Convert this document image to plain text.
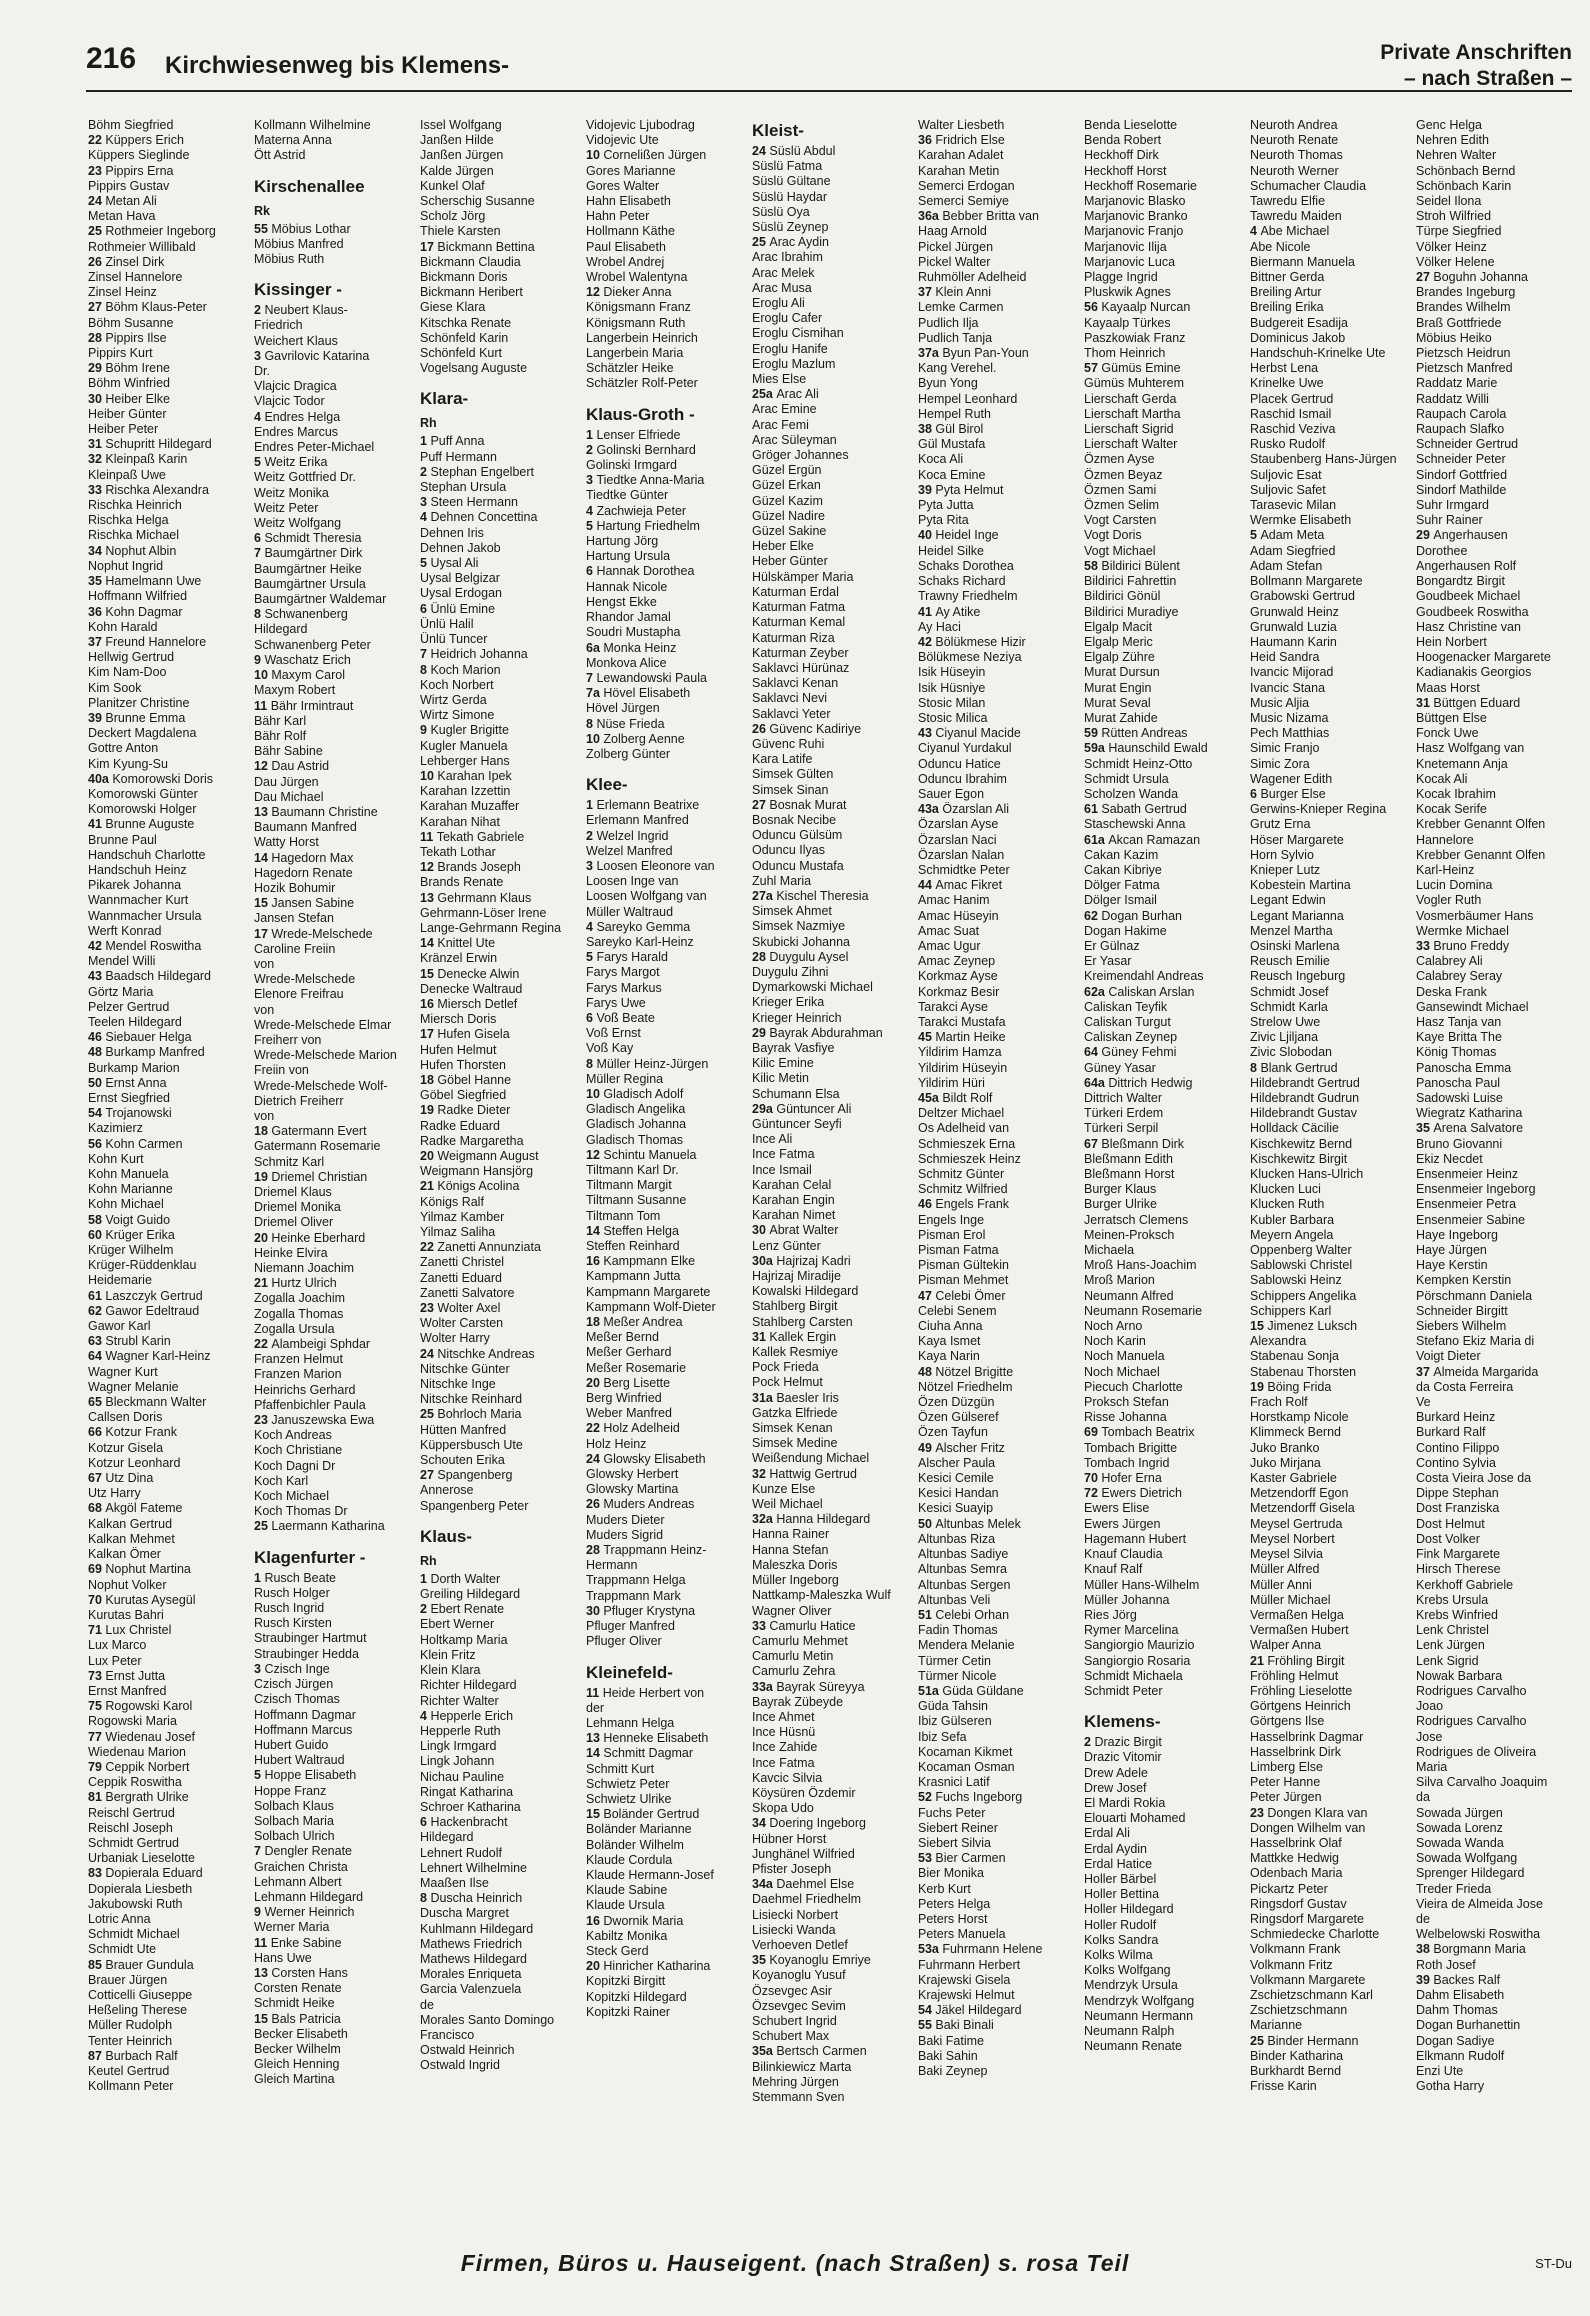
216 Kirchwiesenweg bis Klemens-	Private Anschriften
– nach Straßen –
Böhm Siegfried
22 Küppers Erich
Küppers Sieglinde
23 Pippirs Erna
Pippirs Gustav
24 Metan Ali
Metan Hava
25 Rothmeier Ingeborg
Rothmeier Willibald
26 Zinsel Dirk
Zinsel Hannelore
Zinsel Heinz
27 Böhm Klaus-Peter
Böhm Susanne
28 Pippirs Ilse
Pippirs Kurt
29 Böhm Irene
Böhm Winfried
30 Heiber Elke
Heiber Günter
Heiber Peter
31 Schupritt Hildegard
32 Kleinpaß Karin
Kleinpaß Uwe
33 Rischka Alexandra
Rischka Heinrich
Rischka Helga
Rischka Michael
34 Nophut Albin
Nophut Ingrid
35 Hamelmann Uwe
Hoffmann Wilfried
36 Kohn Dagmar
Kohn Harald
37 Freund Hannelore
Hellwig Gertrud
Kim Nam-Doo
Kim Sook
Planitzer Christine
39 Brunne Emma
Deckert Magdalena
Gottre Anton
Kim Kyung-Su
40a Komorowski Doris
Komorowski Günter
Komorowski Holger
41 Brunne Auguste
Brunne Paul
Handschuh Charlotte
Handschuh Heinz
Pikarek Johanna
Wannmacher Kurt
Wannmacher Ursula
Werft Konrad
42 Mendel Roswitha
Mendel Willi
43 Baadsch Hildegard
Görtz Maria
Pelzer Gertrud
Teelen Hildegard
46 Siebauer Helga
48 Burkamp Manfred
Burkamp Marion
50 Ernst Anna
Ernst Siegfried
54 Trojanowski
Kazimierz
56 Kohn Carmen
Kohn Kurt
Kohn Manuela
Kohn Marianne
Kohn Michael
58 Voigt Guido
60 Krüger Erika
Krüger Wilhelm
Krüger-Rüddenklau
Heidemarie
61 Laszczyk Gertrud
62 Gawor Edeltraud
Gawor Karl
63 Strubl Karin
64 Wagner Karl-Heinz
Wagner Kurt
Wagner Melanie
65 Bleckmann Walter
Callsen Doris
66 Kotzur Frank
Kotzur Gisela
Kotzur Leonhard
67 Utz Dina
Utz Harry
68 Akgöl Fateme
Kalkan Gertrud
Kalkan Mehmet
Kalkan Ömer
69 Nophut Martina
Nophut Volker
70 Kurutas Aysegül
Kurutas Bahri
71 Lux Christel
Lux Marco
Lux Peter
73 Ernst Jutta
Ernst Manfred
75 Rogowski Karol
Rogowski Maria
77 Wiedenau Josef
Wiedenau Marion
79 Ceppik Norbert
Ceppik Roswitha
81 Bergrath Ulrike
Reischl Gertrud
Reischl Joseph
Schmidt Gertrud
Urbaniak Lieselotte
83 Dopierala Eduard
Dopierala Liesbeth
Jakubowski Ruth
Lotric Anna
Schmidt Michael
Schmidt Ute
85 Brauer Gundula
Brauer Jürgen
Cotticelli Giuseppe
Heßeling Therese
Müller Rudolph
Tenter Heinrich
87 Burbach Ralf
Keutel Gertrud
Kollmann Peter
Kollmann Wilhelmine
Materna Anna
Ött Astrid
Kirschenallee
Rk
55 Möbius Lothar
Möbius Manfred
Möbius Ruth
Kissinger -
2 Neubert Klaus-
Friedrich
Weichert Klaus
3 Gavrilovic Katarina
Dr.
Vlajcic Dragica
Vlajcic Todor
4 Endres Helga
Endres Marcus
Endres Peter-Michael
5 Weitz Erika
Weitz Gottfried Dr.
Weitz Monika
Weitz Peter
Weitz Wolfgang
6 Schmidt Theresia
7 Baumgärtner Dirk
Baumgärtner Heike
Baumgärtner Ursula
Baumgärtner Waldemar
8 Schwanenberg
Hildegard
Schwanenberg Peter
9 Waschatz Erich
10 Maxym Carol
Maxym Robert
11 Bähr Irmintraut
Bähr Karl
Bähr Rolf
Bähr Sabine
12 Dau Astrid
Dau Jürgen
Dau Michael
13 Baumann Christine
Baumann Manfred
Watty Horst
14 Hagedorn Max
Hagedorn Renate
Hozik Bohumir
15 Jansen Sabine
Jansen Stefan
17 Wrede-Melschede
Caroline Freiin
von
Wrede-Melschede
Elenore Freifrau
von
Wrede-Melschede Elmar
Freiherr von
Wrede-Melschede Marion
Freiin von
Wrede-Melschede Wolf-
Dietrich Freiherr
von
18 Gatermann Evert
Gatermann Rosemarie
Schmitz Karl
19 Driemel Christian
Driemel Klaus
Driemel Monika
Driemel Oliver
20 Heinke Eberhard
Heinke Elvira
Niemann Joachim
21 Hurtz Ulrich
Zogalla Joachim
Zogalla Thomas
Zogalla Ursula
22 Alambeigi Sphdar
Franzen Helmut
Franzen Marion
Heinrichs Gerhard
Pfaffenbichler Paula
23 Januszewska Ewa
Koch Andreas
Koch Christiane
Koch Dagni Dr
Koch Karl
Koch Michael
Koch Thomas Dr
25 Laermann Katharina
Klagenfurter -
1 Rusch Beate
Rusch Holger
Rusch Ingrid
Rusch Kirsten
Straubinger Hartmut
Straubinger Hedda
3 Czisch Inge
Czisch Jürgen
Czisch Thomas
Hoffmann Dagmar
Hoffmann Marcus
Hubert Guido
Hubert Waltraud
5 Hoppe Elisabeth
Hoppe Franz
Solbach Klaus
Solbach Maria
Solbach Ulrich
7 Dengler Renate
Graichen Christa
Lehmann Albert
Lehmann Hildegard
9 Werner Heinrich
Werner Maria
11 Enke Sabine
Hans Uwe
13 Corsten Hans
Corsten Renate
Schmidt Heike
15 Bals Patricia
Becker Elisabeth
Becker Wilhelm
Gleich Henning
Gleich Martina
Issel Wolfgang
Janßen Hilde
Janßen Jürgen
Kalde Jürgen
Kunkel Olaf
Scherschig Susanne
Scholz Jörg
Thiele Karsten
17 Bickmann Bettina
Bickmann Claudia
Bickmann Doris
Bickmann Heribert
Giese Klara
Kitschka Renate
Schönfeld Karin
Schönfeld Kurt
Vogelsang Auguste
Klara-
Rh
1 Puff Anna
Puff Hermann
2 Stephan Engelbert
Stephan Ursula
3 Steen Hermann
4 Dehnen Concettina
Dehnen Iris
Dehnen Jakob
5 Uysal Ali
Uysal Belgizar
Uysal Erdogan
6 Ünlü Emine
Ünlü Halil
Ünlü Tuncer
7 Heidrich Johanna
8 Koch Marion
Koch Norbert
Wirtz Gerda
Wirtz Simone
9 Kugler Brigitte
Kugler Manuela
Lehberger Hans
10 Karahan Ipek
Karahan Izzettin
Karahan Muzaffer
Karahan Nihat
11 Tekath Gabriele
Tekath Lothar
12 Brands Joseph
Brands Renate
13 Gehrmann Klaus
Gehrmann-Löser Irene
Lange-Gehrmann Regina
14 Knittel Ute
Kränzel Erwin
15 Denecke Alwin
Denecke Waltraud
16 Miersch Detlef
Miersch Doris
17 Hufen Gisela
Hufen Helmut
Hufen Thorsten
18 Göbel Hanne
Göbel Siegfried
19 Radke Dieter
Radke Eduard
Radke Margaretha
20 Weigmann August
Weigmann Hansjörg
21 Königs Acolina
Königs Ralf
Yilmaz Kamber
Yilmaz Saliha
22 Zanetti Annunziata
Zanetti Christel
Zanetti Eduard
Zanetti Salvatore
23 Wolter Axel
Wolter Carsten
Wolter Harry
24 Nitschke Andreas
Nitschke Günter
Nitschke Inge
Nitschke Reinhard
25 Bohrloch Maria
Hütten Manfred
Küppersbusch Ute
Schouten Erika
27 Spangenberg
Annerose
Spangenberg Peter
Klaus-
Rh
1 Dorth Walter
Greiling Hildegard
2 Ebert Renate
Ebert Werner
Holtkamp Maria
Klein Fritz
Klein Klara
Richter Hildegard
Richter Walter
4 Hepperle Erich
Hepperle Ruth
Lingk Irmgard
Lingk Johann
Nichau Pauline
Ringat Katharina
Schroer Katharina
6 Hackenbracht
Hildegard
Lehnert Rudolf
Lehnert Wilhelmine
Maaßen Ilse
8 Duscha Heinrich
Duscha Margret
Kuhlmann Hildegard
Mathews Friedrich
Mathews Hildegard
Morales Enriqueta
Garcia Valenzuela
de
Morales Santo Domingo
Francisco
Ostwald Heinrich
Ostwald Ingrid
Vidojevic Ljubodrag
Vidojevic Ute
10 Cornelißen Jürgen
Gores Marianne
Gores Walter
Hahn Elisabeth
Hahn Peter
Hollmann Käthe
Paul Elisabeth
Wrobel Andrej
Wrobel Walentyna
12 Dieker Anna
Königsmann Franz
Königsmann Ruth
Langerbein Heinrich
Langerbein Maria
Schätzler Heike
Schätzler Rolf-Peter
Klaus-Groth -
1 Lenser Elfriede
2 Golinski Bernhard
Golinski Irmgard
3 Tiedtke Anna-Maria
Tiedtke Günter
4 Zachwieja Peter
5 Hartung Friedhelm
Hartung Jörg
Hartung Ursula
6 Hannak Dorothea
Hannak Nicole
Hengst Ekke
Rhandor Jamal
Soudri Mustapha
6a Monka Heinz
Monkova Alice
7 Lewandowski Paula
7a Hövel Elisabeth
Hövel Jürgen
8 Nüse Frieda
10 Zolberg Aenne
Zolberg Günter
Klee-
1 Erlemann Beatrixe
Erlemann Manfred
2 Welzel Ingrid
Welzel Manfred
3 Loosen Eleonore van
Loosen Inge van
Loosen Wolfgang van
Müller Waltraud
4 Sareyko Gemma
Sareyko Karl-Heinz
5 Farys Harald
Farys Margot
Farys Markus
Farys Uwe
6 Voß Beate
Voß Ernst
Voß Kay
8 Müller Heinz-Jürgen
Müller Regina
10 Gladisch Adolf
Gladisch Angelika
Gladisch Johanna
Gladisch Thomas
12 Schintu Manuela
Tiltmann Karl Dr.
Tiltmann Margit
Tiltmann Susanne
Tiltmann Tom
14 Steffen Helga
Steffen Reinhard
16 Kampmann Elke
Kampmann Jutta
Kampmann Margarete
Kampmann Wolf-Dieter
18 Meßer Andrea
Meßer Bernd
Meßer Gerhard
Meßer Rosemarie
20 Berg Lisette
Berg Winfried
Weber Manfred
22 Holz Adelheid
Holz Heinz
24 Glowsky Elisabeth
Glowsky Herbert
Glowsky Martina
26 Muders Andreas
Muders Dieter
Muders Sigrid
28 Trappmann Heinz-
Hermann
Trappmann Helga
Trappmann Mark
30 Pfluger Krystyna
Pfluger Manfred
Pfluger Oliver
Kleinefeld-
11 Heide Herbert von
der
Lehmann Helga
13 Henneke Elisabeth
14 Schmitt Dagmar
Schmitt Kurt
Schwietz Peter
Schwietz Ulrike
15 Boländer Gertrud
Boländer Marianne
Boländer Wilhelm
Klaude Cordula
Klaude Hermann-Josef
Klaude Sabine
Klaude Ursula
16 Dwornik Maria
Kabiltz Monika
Steck Gerd
20 Hinricher Katharina
Kopitzki Birgitt
Kopitzki Hildegard
Kopitzki Rainer
Kleist-
24 Süslü Abdul
Süslü Fatma
Süslü Gültane
Süslü Haydar
Süslü Oya
Süslü Zeynep
25 Arac Aydin
Arac Ibrahim
Arac Melek
Arac Musa
Eroglu Ali
Eroglu Cafer
Eroglu Cismihan
Eroglu Hanife
Eroglu Mazlum
Mies Else
25a Arac Ali
Arac Emine
Arac Femi
Arac Süleyman
Gröger Johannes
Güzel Ergün
Güzel Erkan
Güzel Kazim
Güzel Nadire
Güzel Sakine
Heber Elke
Heber Günter
Hülskämper Maria
Katurman Erdal
Katurman Fatma
Katurman Kemal
Katurman Riza
Katurman Zeyber
Saklavci Hürünaz
Saklavci Kenan
Saklavci Nevi
Saklavci Yeter
26 Güvenc Kadiriye
Güvenc Ruhi
Kara Latife
Simsek Gülten
Simsek Sinan
27 Bosnak Murat
Bosnak Necibe
Oduncu Gülsüm
Oduncu Ilyas
Oduncu Mustafa
Zuhl Maria
27a Kischel Theresia
Simsek Ahmet
Simsek Nazmiye
Skubicki Johanna
28 Duygulu Aysel
Duygulu Zihni
Dymarkowski Michael
Krieger Erika
Krieger Heinrich
29 Bayrak Abdurahman
Bayrak Vasfiye
Kilic Emine
Kilic Metin
Schumann Elsa
29a Güntuncer Ali
Güntuncer Seyfi
Ince Ali
Ince Fatma
Ince Ismail
Karahan Celal
Karahan Engin
Karahan Nimet
30 Abrat Walter
Lenz Günter
30a Hajrizaj Kadri
Hajrizaj Miradije
Kowalski Hildegard
Stahlberg Birgit
Stahlberg Carsten
31 Kallek Ergin
Kallek Resmiye
Pock Frieda
Pock Helmut
31a Baesler Iris
Gatzka Elfriede
Simsek Kenan
Simsek Medine
Weißendung Michael
32 Hattwig Gertrud
Kunze Else
Weil Michael
32a Hanna Hildegard
Hanna Rainer
Hanna Stefan
Maleszka Doris
Müller Ingeborg
Nattkamp-Maleszka Wulf
Wagner Oliver
33 Camurlu Hatice
Camurlu Mehmet
Camurlu Metin
Camurlu Zehra
33a Bayrak Süreyya
Bayrak Zübeyde
Ince Ahmet
Ince Hüsnü
Ince Zahide
Ince Fatma
Kavcic Silvia
Köysüren Özdemir
Skopa Udo
34 Doering Ingeborg
Hübner Horst
Junghänel Wilfried
Pfister Joseph
34a Daehmel Else
Daehmel Friedhelm
Lisiecki Norbert
Lisiecki Wanda
Verhoeven Detlef
35 Koyanoglu Emriye
Koyanoglu Yusuf
Özsevgec Asir
Özsevgec Sevim
Schubert Ingrid
Schubert Max
35a Bertsch Carmen
Bilinkiewicz Marta
Mehring Jürgen
Stemmann Sven
Walter Liesbeth
36 Fridrich Else
Karahan Adalet
Karahan Metin
Semerci Erdogan
Semerci Semiye
36a Bebber Britta van
Haag Arnold
Pickel Jürgen
Pickel Walter
Ruhmöller Adelheid
37 Klein Anni
Lemke Carmen
Pudlich Ilja
Pudlich Tanja
37a Byun Pan-Youn
Kang Verehel.
Byun Yong
Hempel Leonhard
Hempel Ruth
38 Gül Birol
Gül Mustafa
Koca Ali
Koca Emine
39 Pyta Helmut
Pyta Jutta
Pyta Rita
40 Heidel Inge
Heidel Silke
Schaks Dorothea
Schaks Richard
Trawny Friedhelm
41 Ay Atike
Ay Haci
42 Bölükmese Hizir
Bölükmese Neziya
Isik Hüseyin
Isik Hüsniye
Stosic Milan
Stosic Milica
43 Ciyanul Macide
Ciyanul Yurdakul
Oduncu Hatice
Oduncu Ibrahim
Sauer Egon
43a Özarslan Ali
Özarslan Ayse
Özarslan Naci
Özarslan Nalan
Schmidtke Peter
44 Amac Fikret
Amac Hanim
Amac Hüseyin
Amac Suat
Amac Ugur
Amac Zeynep
Korkmaz Ayse
Korkmaz Besir
Tarakci Ayse
Tarakci Mustafa
45 Martin Heike
Yildirim Hamza
Yildirim Hüseyin
Yildirim Hüri
45a Bildt Rolf
Deltzer Michael
Os Adelheid van
Schmieszek Erna
Schmieszek Heinz
Schmitz Günter
Schmitz Wilfried
46 Engels Frank
Engels Inge
Pisman Erol
Pisman Fatma
Pisman Gültekin
Pisman Mehmet
47 Celebi Ömer
Celebi Senem
Ciuha Anna
Kaya Ismet
Kaya Narin
48 Nötzel Brigitte
Nötzel Friedhelm
Özen Düzgün
Özen Gülseref
Özen Tayfun
49 Alscher Fritz
Alscher Paula
Kesici Cemile
Kesici Handan
Kesici Suayip
50 Altunbas Melek
Altunbas Riza
Altunbas Sadiye
Altunbas Semra
Altunbas Sergen
Altunbas Veli
51 Celebi Orhan
Fadin Thomas
Mendera Melanie
Türmer Cetin
Türmer Nicole
51a Güda Güldane
Güda Tahsin
Ibiz Gülseren
Ibiz Sefa
Kocaman Kikmet
Kocaman Osman
Krasnici Latif
52 Fuchs Ingeborg
Fuchs Peter
Siebert Reiner
Siebert Silvia
53 Bier Carmen
Bier Monika
Kerb Kurt
Peters Helga
Peters Horst
Peters Manuela
53a Fuhrmann Helene
Fuhrmann Herbert
Krajewski Gisela
Krajewski Helmut
54 Jäkel Hildegard
55 Baki Binali
Baki Fatime
Baki Sahin
Baki Zeynep
Benda Lieselotte
Benda Robert
Heckhoff Dirk
Heckhoff Horst
Heckhoff Rosemarie
Marjanovic Blasko
Marjanovic Branko
Marjanovic Franjo
Marjanovic Ilija
Marjanovic Luca
Plagge Ingrid
Pluskwik Agnes
56 Kayaalp Nurcan
Kayaalp Türkes
Paszkowiak Franz
Thom Heinrich
57 Gümüs Emine
Gümüs Muhterem
Lierschaft Gerda
Lierschaft Martha
Lierschaft Sigrid
Lierschaft Walter
Özmen Ayse
Özmen Beyaz
Özmen Sami
Özmen Selim
Vogt Carsten
Vogt Doris
Vogt Michael
58 Bildirici Bülent
Bildirici Fahrettin
Bildirici Gönül
Bildirici Muradiye
Elgalp Macit
Elgalp Meric
Elgalp Zühre
Murat Dursun
Murat Engin
Murat Seval
Murat Zahide
59 Rütten Andreas
59a Haunschild Ewald
Schmidt Heinz-Otto
Schmidt Ursula
Scholzen Wanda
61 Sabath Gertrud
Staschewski Anna
61a Akcan Ramazan
Cakan Kazim
Cakan Kibriye
Dölger Fatma
Dölger Ismail
62 Dogan Burhan
Dogan Hakime
Er Gülnaz
Er Yasar
Kreimendahl Andreas
62a Caliskan Arslan
Caliskan Teyfik
Caliskan Turgut
Caliskan Zeynep
64 Güney Fehmi
Güney Yasar
64a Dittrich Hedwig
Dittrich Walter
Türkeri Erdem
Türkeri Serpil
67 Bleßmann Dirk
Bleßmann Edith
Bleßmann Horst
Burger Klaus
Burger Ulrike
Jerratsch Clemens
Meinen-Proksch
Michaela
Mroß Hans-Joachim
Mroß Marion
Neumann Alfred
Neumann Rosemarie
Noch Arno
Noch Karin
Noch Manuela
Noch Michael
Piecuch Charlotte
Proksch Stefan
Risse Johanna
69 Tombach Beatrix
Tombach Brigitte
Tombach Ingrid
70 Hofer Erna
72 Ewers Dietrich
Ewers Elise
Ewers Jürgen
Hagemann Hubert
Knauf Claudia
Knauf Ralf
Müller Hans-Wilhelm
Müller Johanna
Ries Jörg
Rymer Marcelina
Sangiorgio Maurizio
Sangiorgio Rosaria
Schmidt Michaela
Schmidt Peter
Klemens-
2 Drazic Birgit
Drazic Vitomir
Drew Adele
Drew Josef
El Mardi Rokia
Elouarti Mohamed
Erdal Ali
Erdal Aydin
Erdal Hatice
Holler Bärbel
Holler Bettina
Holler Hildegard
Holler Rudolf
Kolks Sandra
Kolks Wilma
Kolks Wolfgang
Mendrzyk Ursula
Mendrzyk Wolfgang
Neumann Hermann
Neumann Ralph
Neumann Renate
Neuroth Andrea
Neuroth Renate
Neuroth Thomas
Neuroth Werner
Schumacher Claudia
Tawredu Elfie
Tawredu Maiden
4 Abe Michael
Abe Nicole
Biermann Manuela
Bittner Gerda
Breiling Artur
Breiling Erika
Budgereit Esadija
Dominicus Jakob
Handschuh-Krinelke Ute
Herbst Lena
Krinelke Uwe
Placek Gertrud
Raschid Ismail
Raschid Veziva
Rusko Rudolf
Staubenberg Hans-Jürgen
Suljovic Esat
Suljovic Safet
Tarasevic Milan
Wermke Elisabeth
5 Adam Meta
Adam Siegfried
Adam Stefan
Bollmann Margarete
Grabowski Gertrud
Grunwald Heinz
Grunwald Luzia
Haumann Karin
Heid Sandra
Ivancic Mijorad
Ivancic Stana
Music Aljia
Music Nizama
Pech Matthias
Simic Franjo
Simic Zora
Wagener Edith
6 Burger Else
Gerwins-Knieper Regina
Grutz Erna
Höser Margarete
Horn Sylvio
Knieper Lutz
Kobestein Martina
Legant Edwin
Legant Marianna
Menzel Martha
Osinski Marlena
Reusch Emilie
Reusch Ingeburg
Schmidt Josef
Schmidt Karla
Strelow Uwe
Zivic Ljiljana
Zivic Slobodan
8 Blank Gertrud
Hildebrandt Gertrud
Hildebrandt Gudrun
Hildebrandt Gustav
Holldack Cäcilie
Kischkewitz Bernd
Kischkewitz Birgit
Klucken Hans-Ulrich
Klucken Luci
Klucken Ruth
Kubler Barbara
Meyern Angela
Oppenberg Walter
Sablowski Christel
Sablowski Heinz
Schippers Angelika
Schippers Karl
15 Jimenez Luksch
Alexandra
Stabenau Sonja
Stabenau Thorsten
19 Böing Frida
Frach Rolf
Horstkamp Nicole
Klimmeck Bernd
Juko Branko
Juko Mirjana
Kaster Gabriele
Metzendorff Egon
Metzendorff Gisela
Meysel Gertruda
Meysel Norbert
Meysel Silvia
Müller Alfred
Müller Anni
Müller Michael
Vermaßen Helga
Vermaßen Hubert
Walper Anna
21 Fröhling Birgit
Fröhling Helmut
Fröhling Lieselotte
Görtgens Heinrich
Görtgens Ilse
Hasselbrink Dagmar
Hasselbrink Dirk
Limberg Else
Peter Hanne
Peter Jürgen
23 Dongen Klara van
Dongen Wilhelm van
Hasselbrink Olaf
Mattkke Hedwig
Odenbach Maria
Pickartz Peter
Ringsdorf Gustav
Ringsdorf Margarete
Schmiedecke Charlotte
Volkmann Frank
Volkmann Fritz
Volkmann Margarete
Zschietzschmann Karl
Zschietzschmann
Marianne
25 Binder Hermann
Binder Katharina
Burkhardt Bernd
Frisse Karin
Genc Helga
Nehren Edith
Nehren Walter
Schönbach Bernd
Schönbach Karin
Seidel Ilona
Stroh Wilfried
Türpe Siegfried
Völker Heinz
Völker Helene
27 Boguhn Johanna
Brandes Ingeburg
Brandes Wilhelm
Braß Gottfriede
Möbius Heiko
Pietzsch Heidrun
Pietzsch Manfred
Raddatz Marie
Raddatz Willi
Raupach Carola
Raupach Slafko
Schneider Gertrud
Schneider Peter
Sindorf Gottfried
Sindorf Mathilde
Suhr Irmgard
Suhr Rainer
29 Angerhausen
Dorothee
Angerhausen Rolf
Bongardtz Birgit
Goudbeek Michael
Goudbeek Roswitha
Hasz Christine van
Hein Norbert
Hoogenacker Margarete
Kadianakis Georgios
Maas Horst
31 Büttgen Eduard
Büttgen Else
Fonck Uwe
Hasz Wolfgang van
Knetemann Anja
Kocak Ali
Kocak Ibrahim
Kocak Serife
Krebber Genannt Olfen
Hannelore
Krebber Genannt Olfen
Karl-Heinz
Lucin Domina
Vogler Ruth
Vosmerbäumer Hans
Wermke Michael
33 Bruno Freddy
Calabrey Ali
Calabrey Seray
Deska Frank
Gansewindt Michael
Hasz Tanja van
Kaye Britta The
König Thomas
Panoscha Emma
Panoscha Paul
Sadowski Luise
Wiegratz Katharina
35 Arena Salvatore
Bruno Giovanni
Ekiz Necdet
Ensenmeier Heinz
Ensenmeier Ingeborg
Ensenmeier Petra
Ensenmeier Sabine
Haye Ingeborg
Haye Jürgen
Haye Kerstin
Kempken Kerstin
Pörschmann Daniela
Schneider Birgitt
Siebers Wilhelm
Stefano Ekiz Maria di
Voigt Dieter
37 Almeida Margarida
da Costa Ferreira
Ve
Burkard Heinz
Burkard Ralf
Contino Filippo
Contino Sylvia
Costa Vieira Jose da
Dippe Stephan
Dost Franziska
Dost Helmut
Dost Volker
Fink Margarete
Hirsch Therese
Kerkhoff Gabriele
Krebs Ursula
Krebs Winfried
Lenk Christel
Lenk Jürgen
Lenk Sigrid
Nowak Barbara
Rodrigues Carvalho
Joao
Rodrigues Carvalho
Jose
Rodrigues de Oliveira
Maria
Silva Carvalho Joaquim
da
Sowada Jürgen
Sowada Lorenz
Sowada Wanda
Sowada Wolfgang
Sprenger Hildegard
Treder Frieda
Vieira de Almeida Jose
de
Welbelowski Roswitha
38 Borgmann Maria
Roth Josef
39 Backes Ralf
Dahm Elisabeth
Dahm Thomas
Dogan Burhanettin
Dogan Sadiye
Elkmann Rudolf
Enzi Ute
Gotha Harry
Firmen, Büros u. Hauseigent. (nach Straßen) s. rosa Teil	ST-Du
